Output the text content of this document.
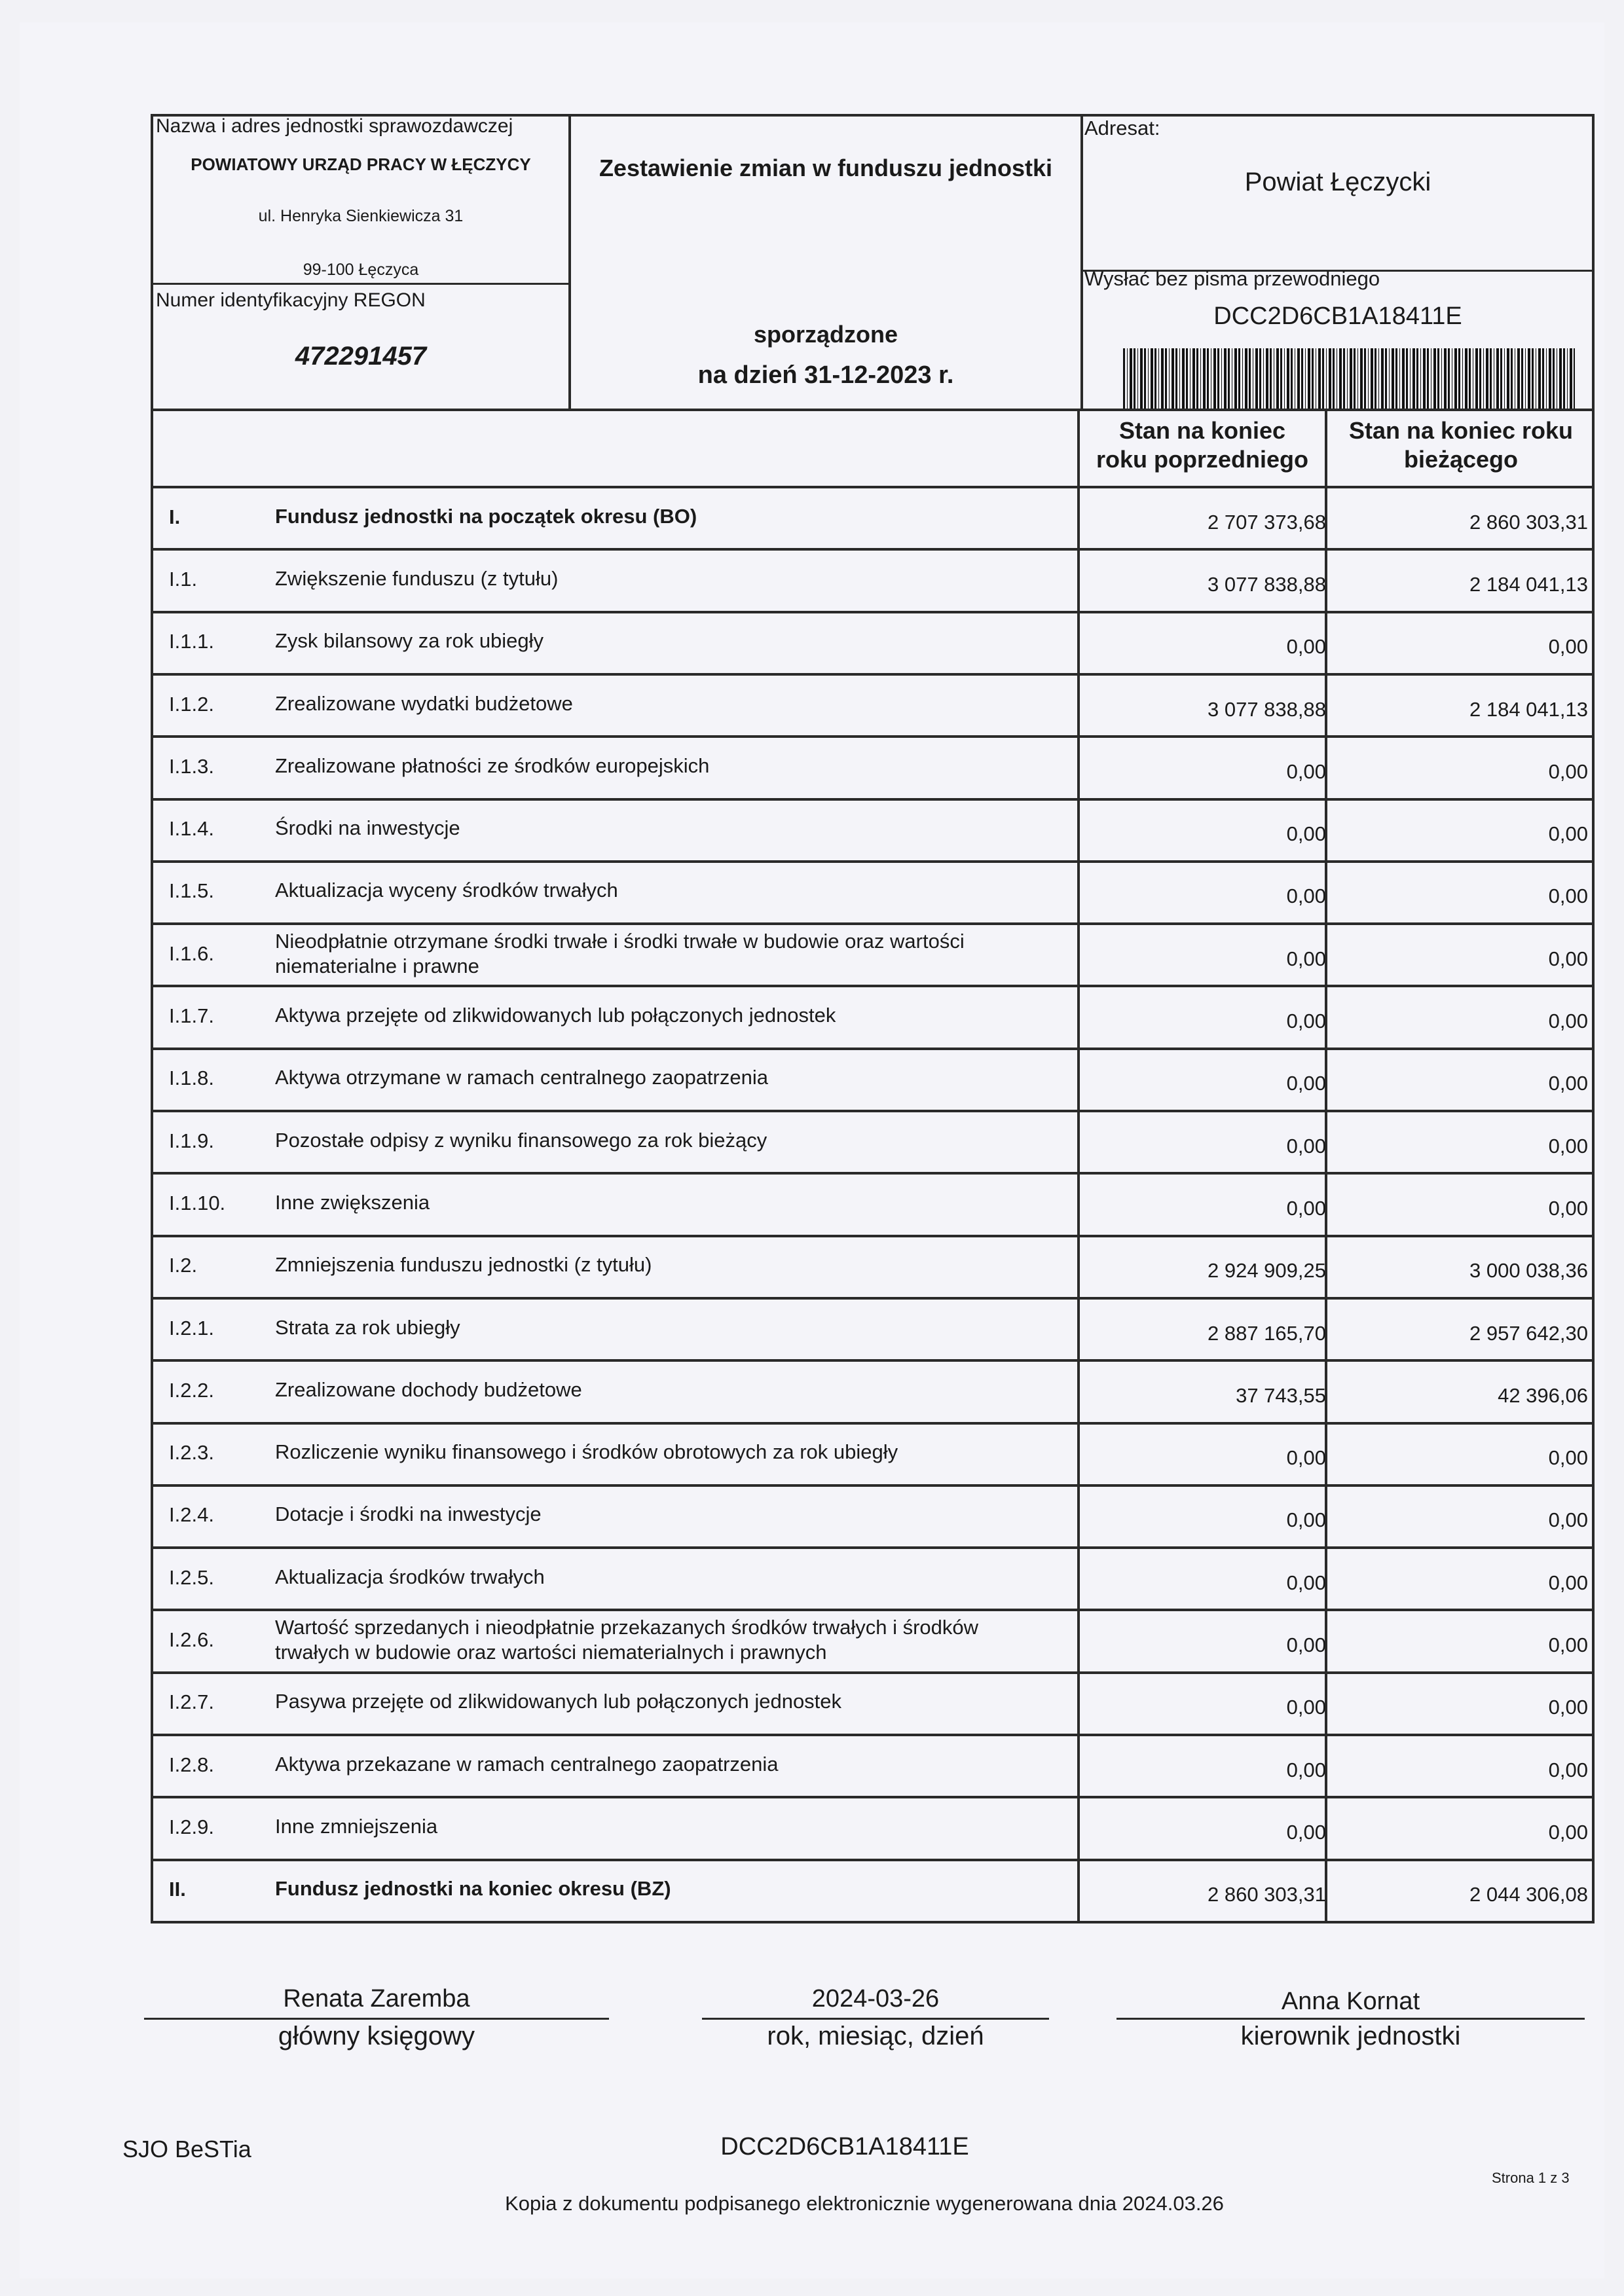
Nazwa i adres jednostki sprawozdawczej
POWIATOWY URZĄD PRACY W ŁĘCZYCY
ul. Henryka Sienkiewicza 31
99-100 Łęczyca
Numer identyfikacyjny REGON
472291457
Zestawienie zmian w funduszu jednostki
sporządzone
na dzień 31-12-2023 r.
Adresat:
Powiat Łęczycki
Wysłać bez pisma przewodniego
DCC2D6CB1A18411E
Stan na koniec
roku poprzedniego
Stan na koniec roku
bieżącego
I.	Fundusz jednostki na początek okresu (BO)	2 707 373,68	2 860 303,31
I.1.	Zwiększenie funduszu (z tytułu)	3 077 838,88	2 184 041,13
I.1.1.	Zysk bilansowy za rok ubiegły	0,00	0,00
I.1.2.	Zrealizowane wydatki budżetowe	3 077 838,88	2 184 041,13
I.1.3.	Zrealizowane płatności ze środków europejskich	0,00	0,00
I.1.4.	Środki na inwestycje	0,00	0,00
I.1.5.	Aktualizacja wyceny środków trwałych	0,00	0,00
I.1.6.
Nieodpłatnie otrzymane środki trwałe i środki trwałe w budowie oraz wartości
niematerialne i prawne	0,00	0,00
I.1.7.	Aktywa przejęte od zlikwidowanych lub połączonych jednostek	0,00	0,00
I.1.8.	Aktywa otrzymane w ramach centralnego zaopatrzenia	0,00	0,00
I.1.9.	Pozostałe odpisy z wyniku finansowego za rok bieżący	0,00	0,00
I.1.10. Inne zwiększenia	0,00	0,00
I.2.	Zmniejszenia funduszu jednostki (z tytułu)	2 924 909,25	3 000 038,36
I.2.1.	Strata za rok ubiegły	2 887 165,70	2 957 642,30
I.2.2.	Zrealizowane dochody budżetowe	37 743,55	42 396,06
I.2.3.	Rozliczenie wyniku finansowego i środków obrotowych za rok ubiegły	0,00	0,00
I.2.4.	Dotacje i środki na inwestycje	0,00	0,00
I.2.5.	Aktualizacja środków trwałych	0,00	0,00
I.2.6.
Wartość sprzedanych i nieodpłatnie przekazanych środków trwałych i środków
trwałych w budowie oraz wartości niematerialnych i prawnych	0,00	0,00
I.2.7.	Pasywa przejęte od zlikwidowanych lub połączonych jednostek	0,00	0,00
I.2.8.	Aktywa przekazane w ramach centralnego zaopatrzenia	0,00	0,00
I.2.9.	Inne zmniejszenia	0,00	0,00
II.	Fundusz jednostki na koniec okresu (BZ)	2 860 303,31	2 044 306,08
Renata Zaremba
główny księgowy
2024-03-26
rok, miesiąc, dzień
Anna Kornat
kierownik jednostki
SJO BeSTia	DCC2D6CB1A18411E
Strona 1 z 3
Kopia z dokumentu podpisanego elektronicznie wygenerowana dnia 2024.03.26
